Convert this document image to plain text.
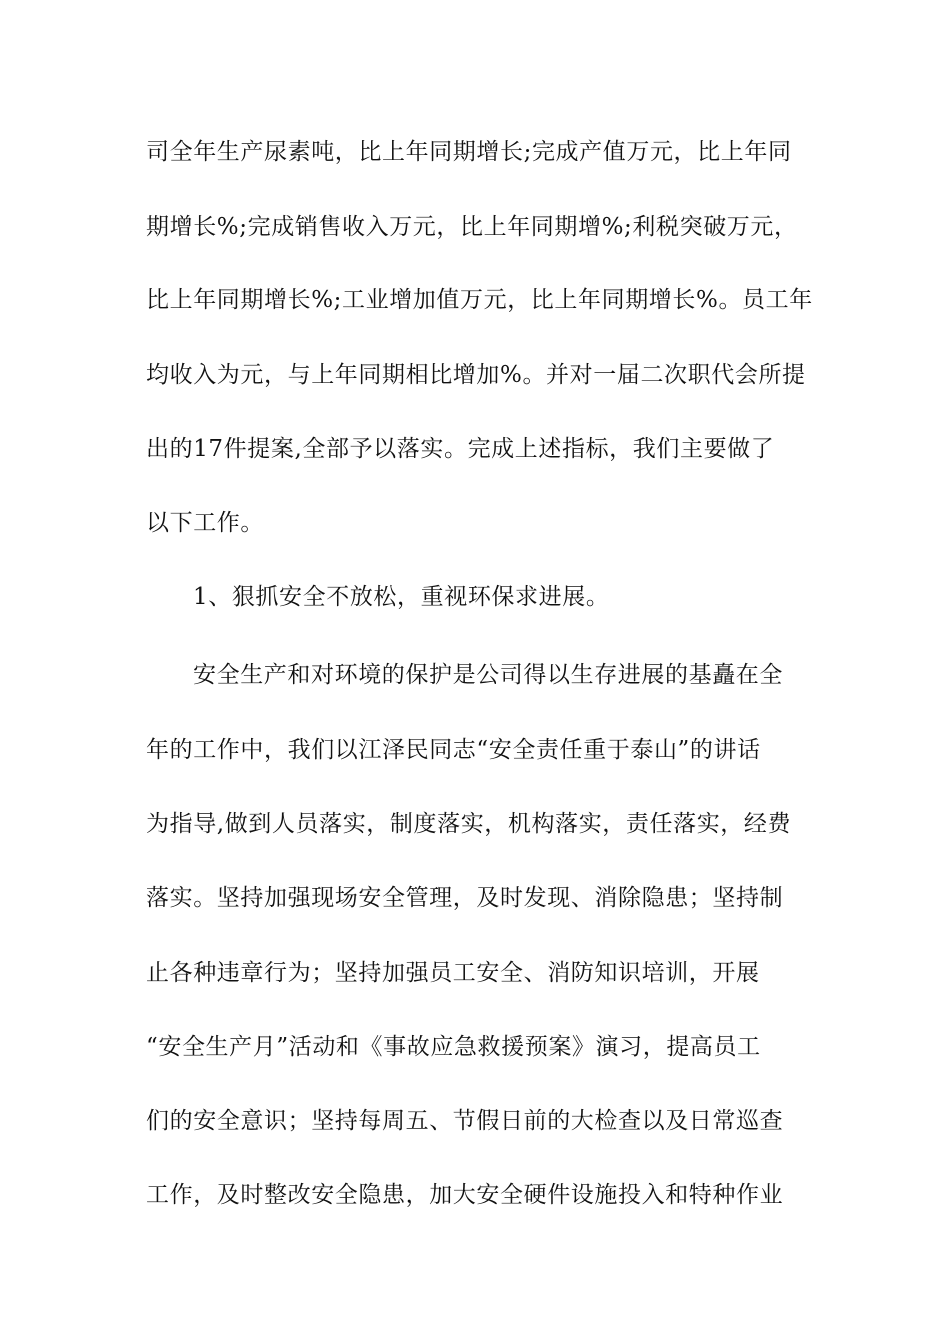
司全年生产尿素吨，比上年同期增长;完成产值万元，比上年同
期增长%;完成销售收入万元，比上年同期增%;利税突破万元，
比上年同期增长%;工业增加值万元，比上年同期增长%。员工年
均收入为元，与上年同期相比增加%。并对一届二次职代会所提
出的17件提案,全部予以落实。完成上述指标，我们主要做了
以下工作。
1、狠抓安全不放松，重视环保求进展。
安全生产和对环境的保护是公司得以生存进展的基矗在全
年的工作中，我们以江泽民同志“安全责任重于泰山”的讲话
为指导,做到人员落实，制度落实，机构落实，责任落实，经费
落实。坚持加强现场安全管理，及时发现、消除隐患；坚持制
止各种违章行为；坚持加强员工安全、消防知识培训，开展
“安全生产月”活动和《事故应急救援预案》演习，提高员工
们的安全意识；坚持每周五、节假日前的大检查以及日常巡查
工作，及时整改安全隐患，加大安全硬件设施投入和特种作业
